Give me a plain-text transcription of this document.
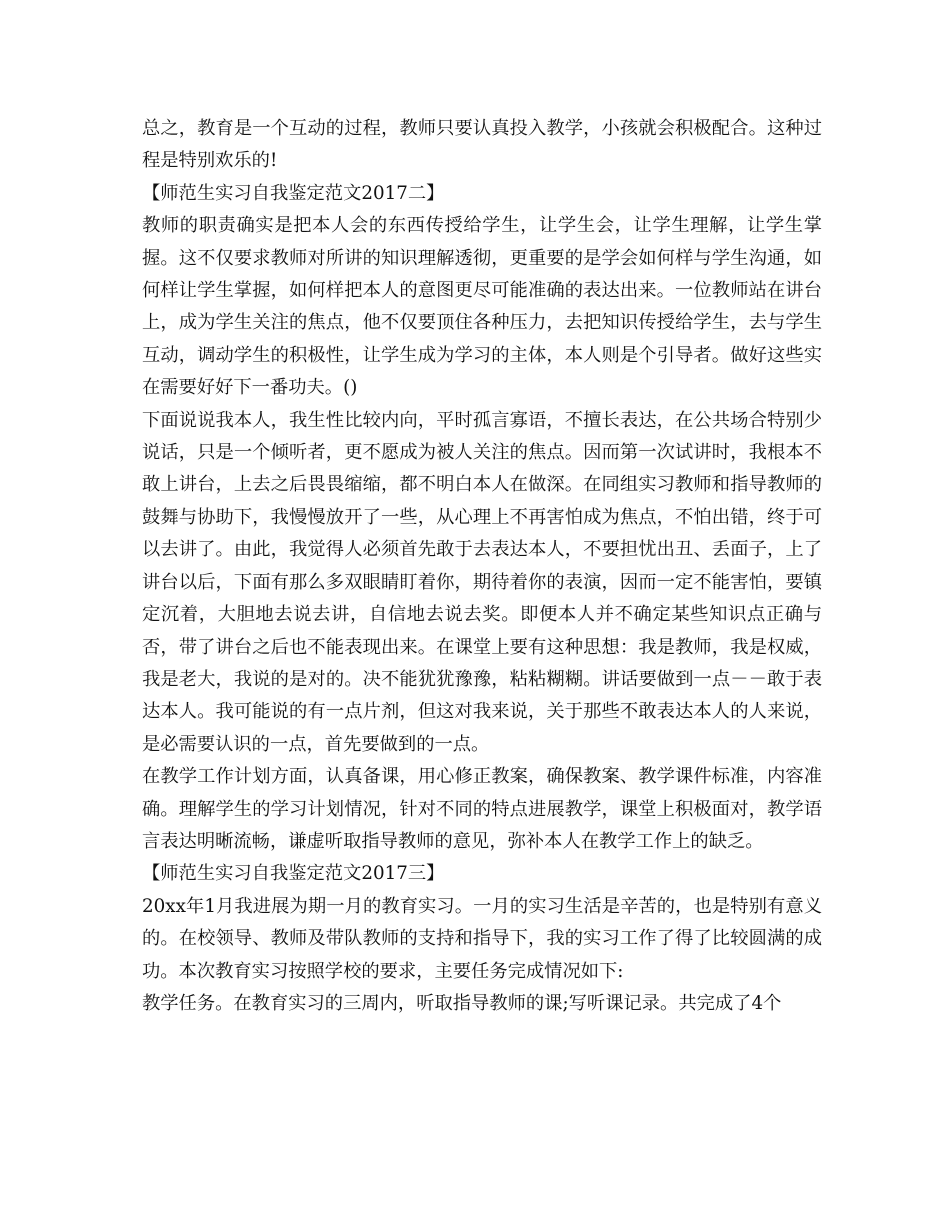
总之，教育是一个互动的过程，教师只要认真投入教学，小孩就会积极配合。这种过程是特别欢乐的!

【师范生实习自我鉴定范文2017二】

教师的职责确实是把本人会的东西传授给学生，让学生会，让学生理解，让学生掌握。这不仅要求教师对所讲的知识理解透彻，更重要的是学会如何样与学生沟通，如何样让学生掌握，如何样把本人的意图更尽可能准确的表达出来。一位教师站在讲台上，成为学生关注的焦点，他不仅要顶住各种压力，去把知识传授给学生，去与学生互动，调动学生的积极性，让学生成为学习的主体，本人则是个引导者。做好这些实在需要好好下一番功夫。()

下面说说我本人，我生性比较内向，平时孤言寡语，不擅长表达，在公共场合特别少说话，只是一个倾听者，更不愿成为被人关注的焦点。因而第一次试讲时，我根本不敢上讲台，上去之后畏畏缩缩，都不明白本人在做深。在同组实习教师和指导教师的鼓舞与协助下，我慢慢放开了一些，从心理上不再害怕成为焦点，不怕出错，终于可以去讲了。由此，我觉得人必须首先敢于去表达本人，不要担忧出丑、丢面子，上了讲台以后，下面有那么多双眼睛盯着你，期待着你的表演，因而一定不能害怕，要镇定沉着，大胆地去说去讲，自信地去说去奖。即便本人并不确定某些知识点正确与否，带了讲台之后也不能表现出来。在课堂上要有这种思想：我是教师，我是权威，我是老大，我说的是对的。决不能犹犹豫豫，粘粘糊糊。讲话要做到一点－－敢于表达本人。我可能说的有一点片剂，但这对我来说，关于那些不敢表达本人的人来说，是必需要认识的一点，首先要做到的一点。

在教学工作计划方面，认真备课，用心修正教案，确保教案、教学课件标准，内容准确。理解学生的学习计划情况，针对不同的特点进展教学，课堂上积极面对，教学语言表达明晰流畅，谦虚听取指导教师的意见，弥补本人在教学工作上的缺乏。

【师范生实习自我鉴定范文2017三】

20xx年1月我进展为期一月的教育实习。一月的实习生活是辛苦的，也是特别有意义的。在校领导、教师及带队教师的支持和指导下，我的实习工作了得了比较圆满的成功。本次教育实习按照学校的要求，主要任务完成情况如下:

教学任务。在教育实习的三周内，听取指导教师的课;写听课记录。共完成了4个
